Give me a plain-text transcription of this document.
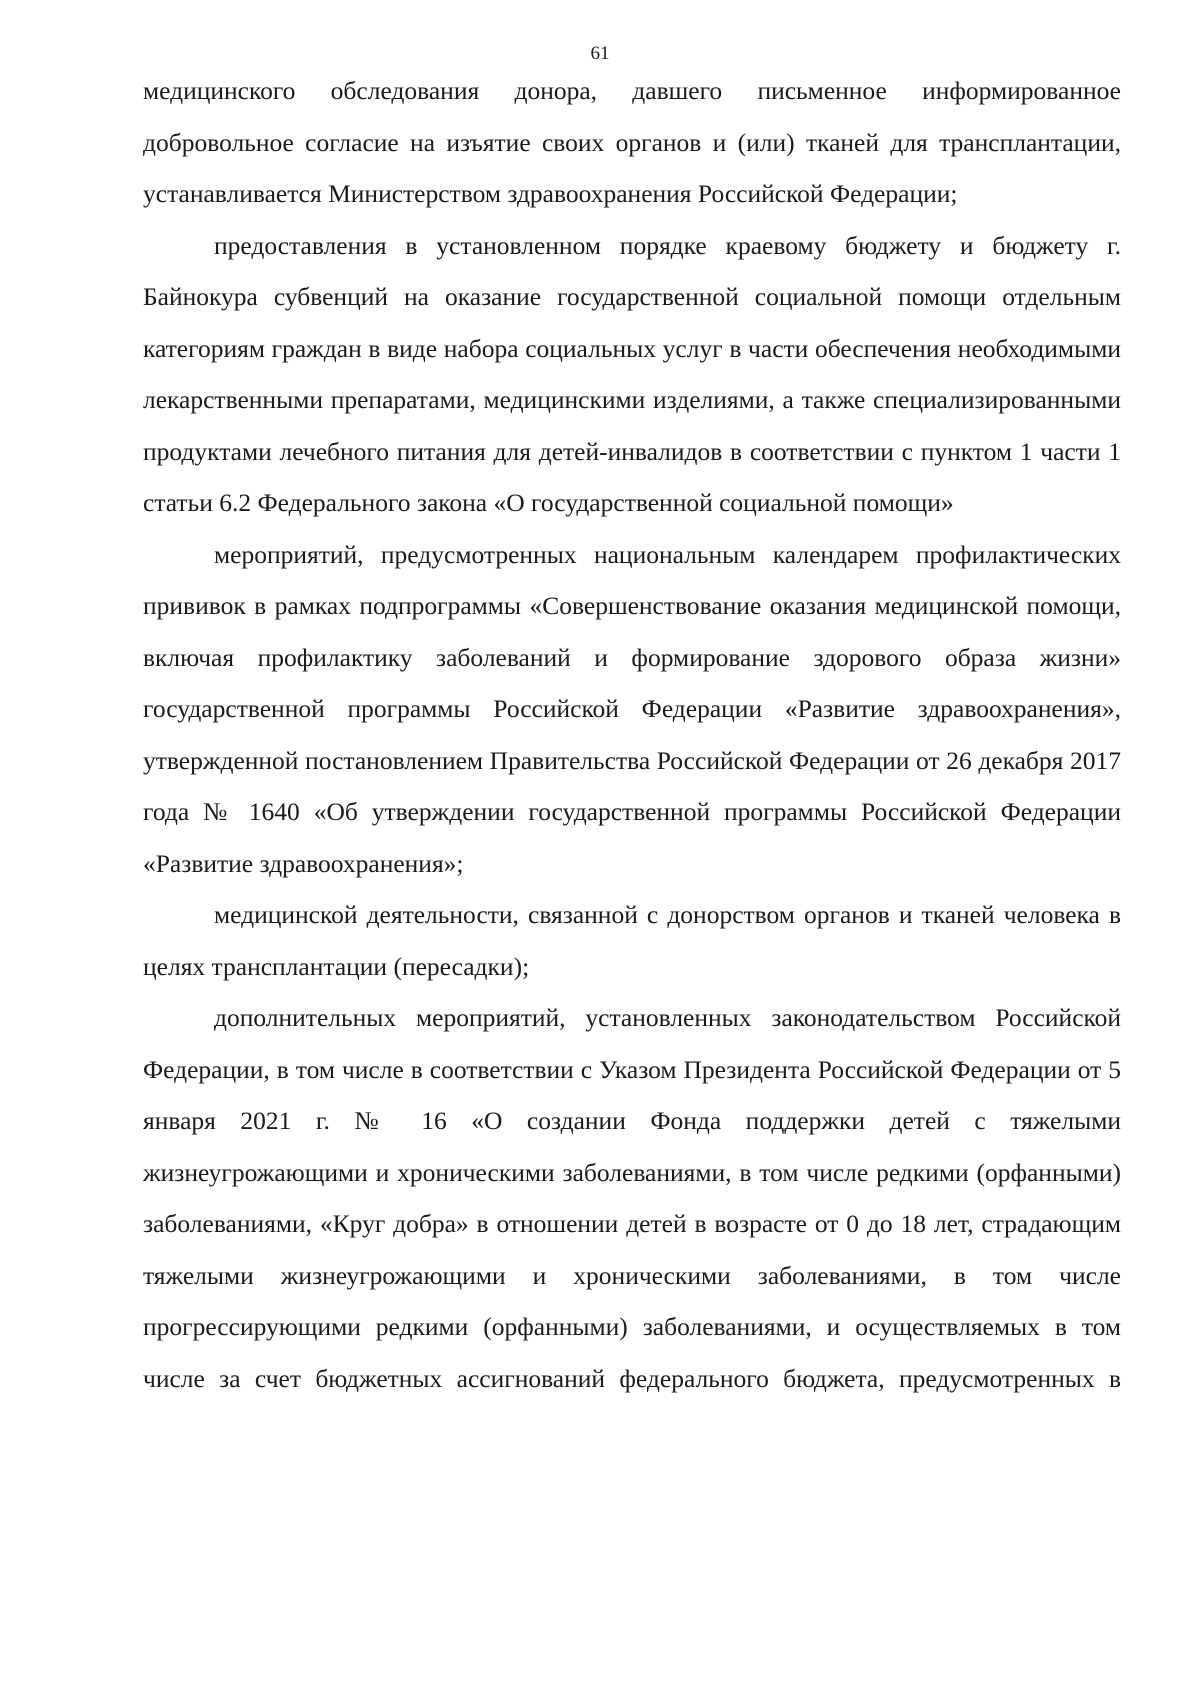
61

медицинского обследования донора, давшего письменное информированное добровольное согласие на изъятие своих органов и (или) тканей для трансплантации, устанавливается Министерством здравоохранения Российской Федерации;

предоставления в установленном порядке краевому бюджету и бюджету г. Байнокура субвенций на оказание государственной социальной помощи отдельным категориям граждан в виде набора социальных услуг в части обеспечения необходимыми лекарственными препаратами, медицинскими изделиями, а также специализированными продуктами лечебного питания для детей-инвалидов в соответствии с пунктом 1 части 1 статьи 6.2 Федерального закона «О государственной социальной помощи»

мероприятий, предусмотренных национальным календарем профилактических прививок в рамках подпрограммы «Совершенствование оказания медицинской помощи, включая профилактику заболеваний и формирование здорового образа жизни» государственной программы Российской Федерации «Развитие здравоохранения», утвержденной постановлением Правительства Российской Федерации от 26 декабря 2017 года № 1640 «Об утверждении государственной программы Российской Федерации «Развитие здравоохранения»;

медицинской деятельности, связанной с донорством органов и тканей человека в целях трансплантации (пересадки);

дополнительных мероприятий, установленных законодательством Российской Федерации, в том числе в соответствии с Указом Президента Российской Федерации от 5 января 2021 г. № 16 «О создании Фонда поддержки детей с тяжелыми жизнеугрожающими и хроническими заболеваниями, в том числе редкими (орфанными) заболеваниями, «Круг добра» в отношении детей в возрасте от 0 до 18 лет, страдающим тяжелыми жизнеугрожающими и хроническими заболеваниями, в том числе прогрессирующими редкими (орфанными) заболеваниями, и осуществляемых в том числе за счет бюджетных ассигнований федерального бюджета, предусмотренных в
